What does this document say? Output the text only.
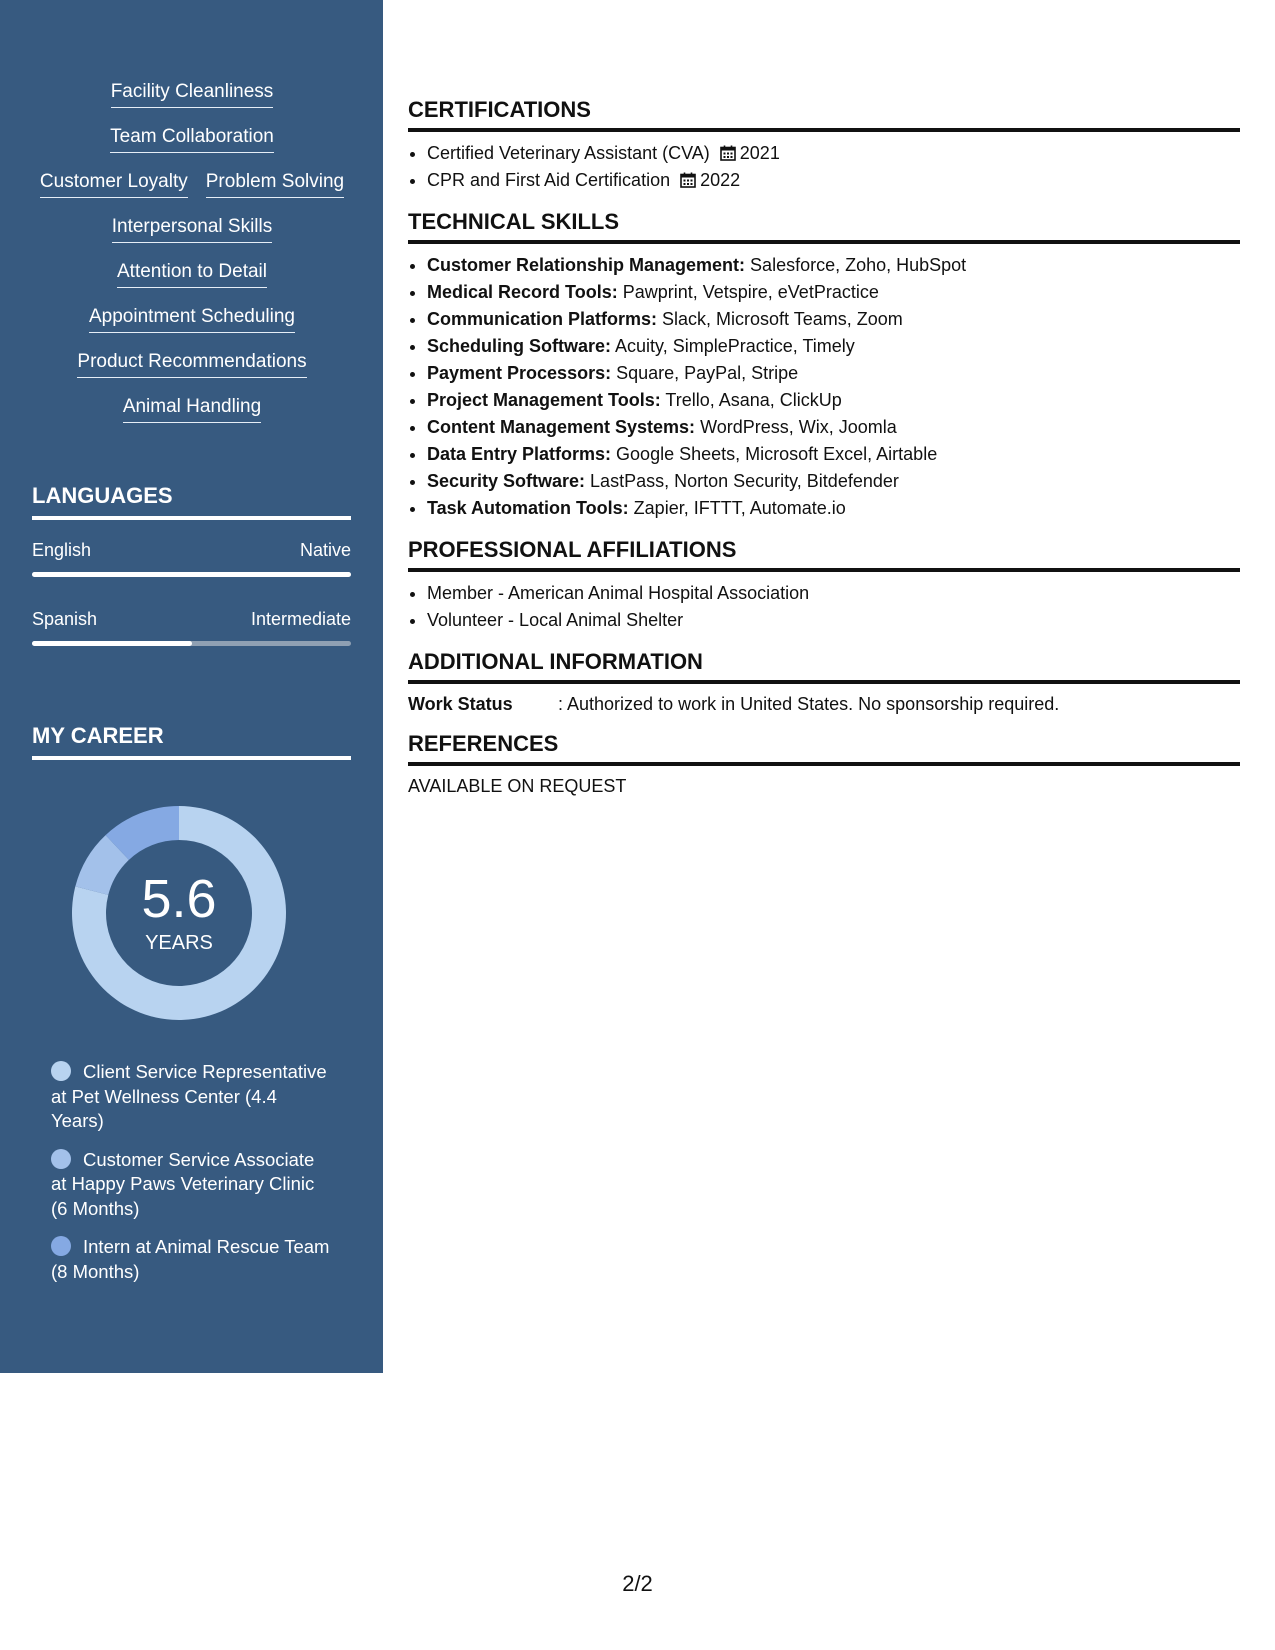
Facility Cleanliness
Team Collaboration
Customer Loyalty Problem Solving
Interpersonal Skills
Attention to Detail
Appointment Scheduling
Product Recommendations
Animal Handling
LANGUAGES
English	Native
Spanish	Intermediate
MY CAREER
5.6
YEARS
Client Service Representative at Pet Wellness Center (4.4 Years)
Customer Service Associate at Happy Paws Veterinary Clinic (6 Months)
Intern at Animal Rescue Team (8 Months)
CERTIFICATIONS
• Certified Veterinary Assistant (CVA) 2021
• CPR and First Aid Certification 2022
TECHNICAL SKILLS
• Customer Relationship Management: Salesforce, Zoho, HubSpot
• Medical Record Tools: Pawprint, Vetspire, eVetPractice
• Communication Platforms: Slack, Microsoft Teams, Zoom
• Scheduling Software: Acuity, SimplePractice, Timely
• Payment Processors: Square, PayPal, Stripe
• Project Management Tools: Trello, Asana, ClickUp
• Content Management Systems: WordPress, Wix, Joomla
• Data Entry Platforms: Google Sheets, Microsoft Excel, Airtable
• Security Software: LastPass, Norton Security, Bitdefender
• Task Automation Tools: Zapier, IFTTT, Automate.io
PROFESSIONAL AFFILIATIONS
• Member - American Animal Hospital Association
• Volunteer - Local Animal Shelter
ADDITIONAL INFORMATION
Work Status	: Authorized to work in United States. No sponsorship required.
REFERENCES
AVAILABLE ON REQUEST
2/2
